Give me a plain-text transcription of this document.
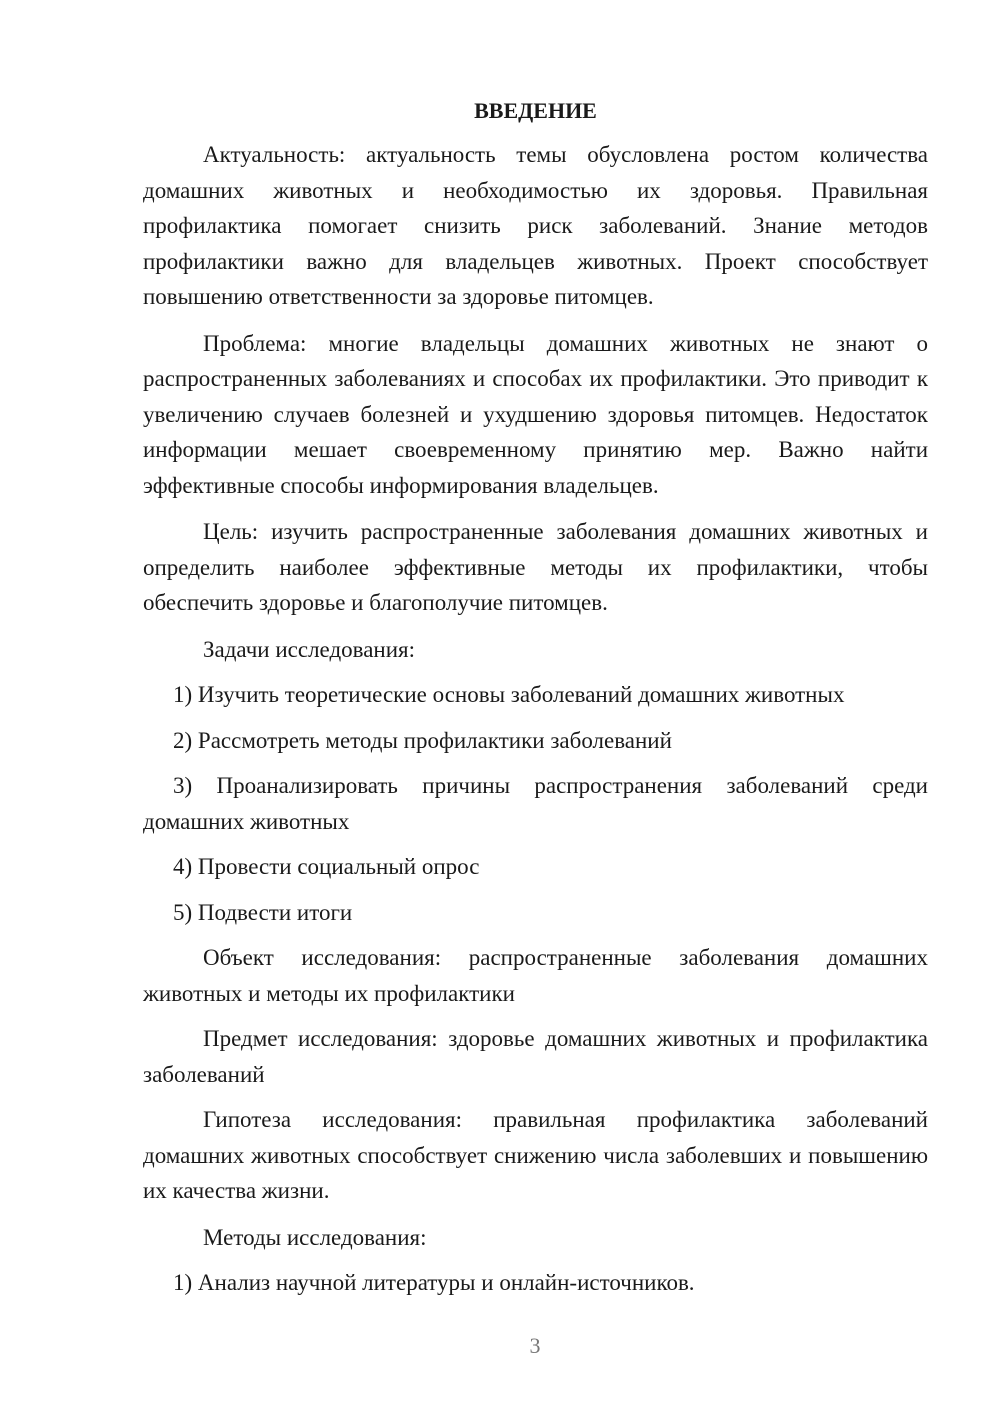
ВВЕДЕНИЕ

Актуальность: актуальность темы обусловлена ростом количества домашних животных и необходимостью их здоровья. Правильная профилактика помогает снизить риск заболеваний. Знание методов профилактики важно для владельцев животных. Проект способствует повышению ответственности за здоровье питомцев.

Проблема: многие владельцы домашних животных не знают о распространенных заболеваниях и способах их профилактики. Это приводит к увеличению случаев болезней и ухудшению здоровья питомцев. Недостаток информации мешает своевременному принятию мер. Важно найти эффективные способы информирования владельцев.

Цель: изучить распространенные заболевания домашних животных и определить наиболее эффективные методы их профилактики, чтобы обеспечить здоровье и благополучие питомцев.

Задачи исследования:

1) Изучить теоретические основы заболеваний домашних животных

2) Рассмотреть методы профилактики заболеваний

3) Проанализировать причины распространения заболеваний среди домашних животных

4) Провести социальный опрос

5) Подвести итоги

Объект исследования: распространенные заболевания домашних животных и методы их профилактики

Предмет исследования: здоровье домашних животных и профилактика заболеваний

Гипотеза исследования: правильная профилактика заболеваний домашних животных способствует снижению числа заболевших и повышению их качества жизни.

Методы исследования:

1) Анализ научной литературы и онлайн-источников.

3
